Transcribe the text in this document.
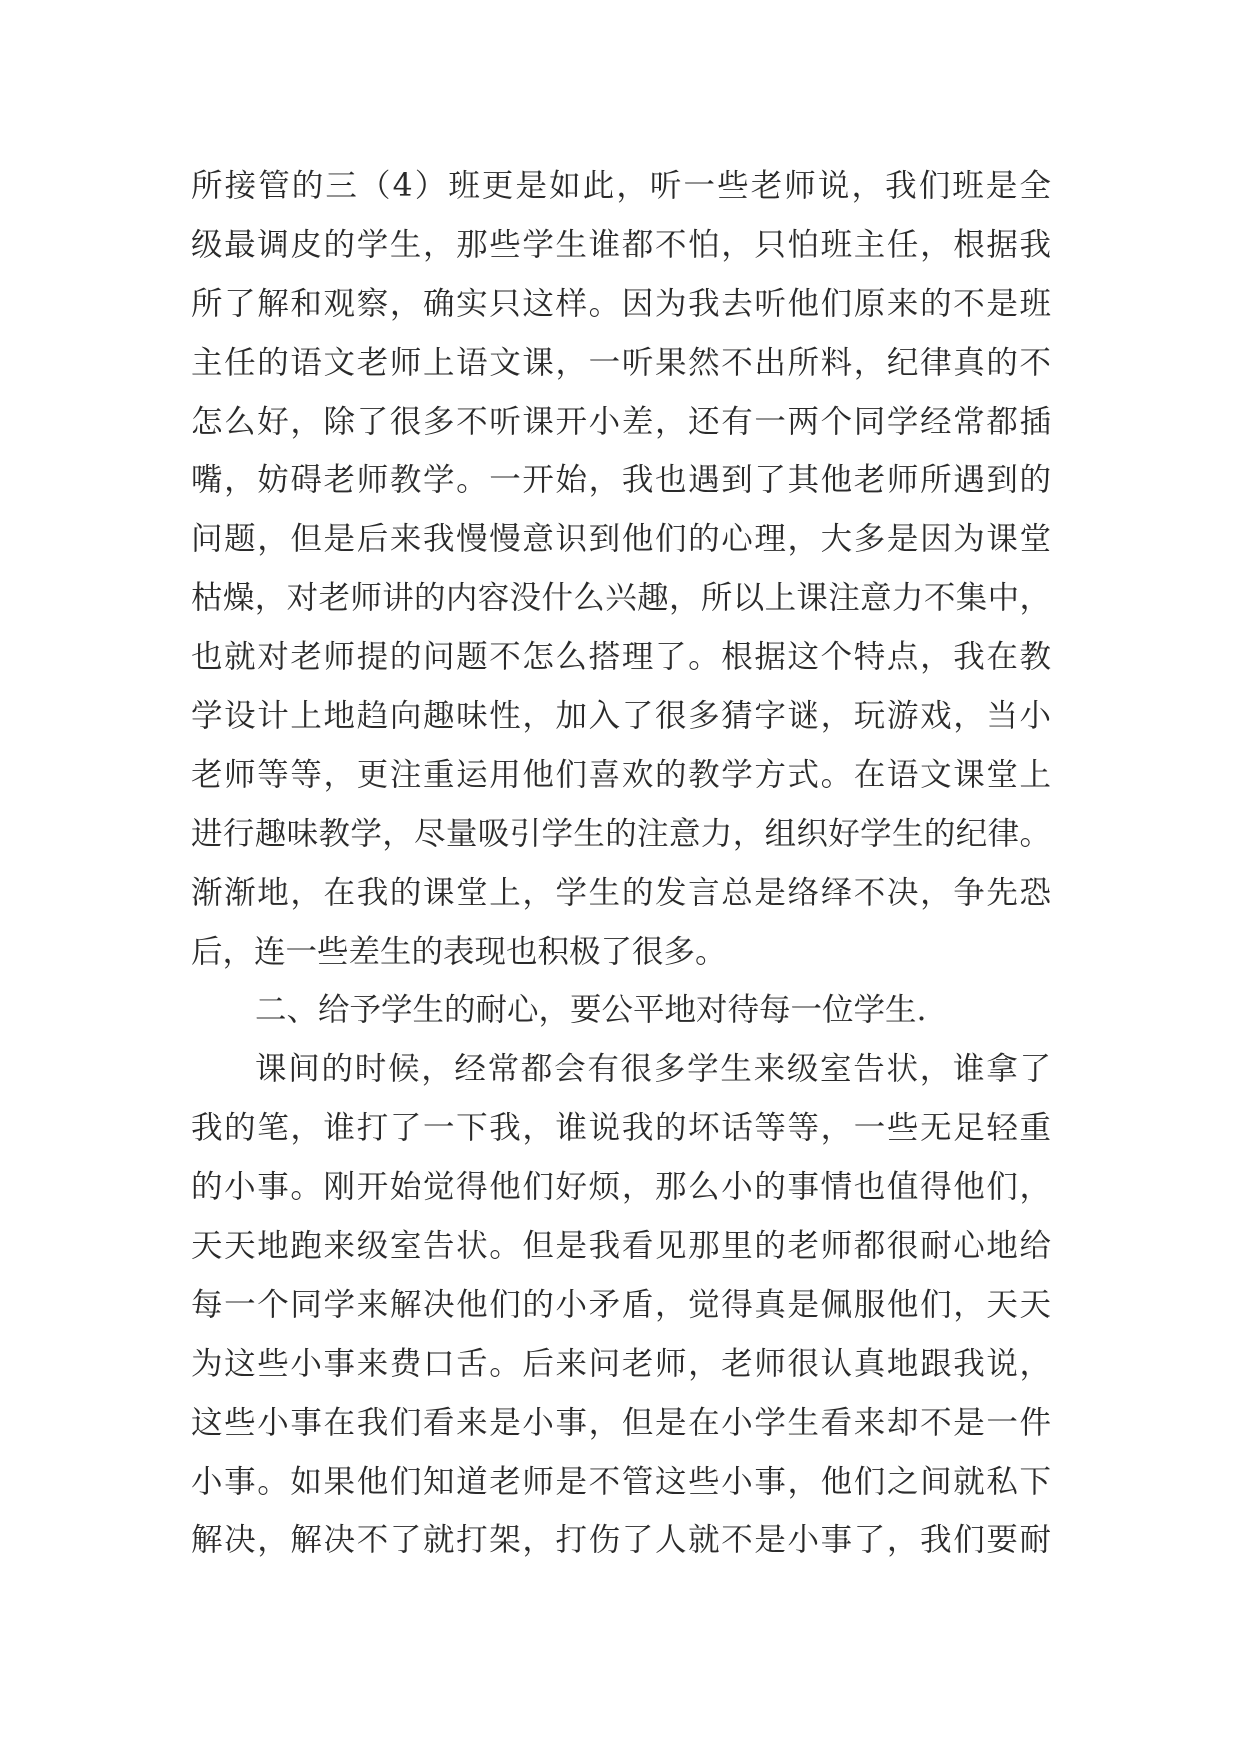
所接管的三（4）班更是如此，听一些老师说，我们班是全
级最调皮的学生，那些学生谁都不怕，只怕班主任，根据我
所了解和观察，确实只这样。因为我去听他们原来的不是班
主任的语文老师上语文课，一听果然不出所料，纪律真的不
怎么好，除了很多不听课开小差，还有一两个同学经常都插
嘴，妨碍老师教学。一开始，我也遇到了其他老师所遇到的
问题，但是后来我慢慢意识到他们的心理，大多是因为课堂
枯燥，对老师讲的内容没什么兴趣，所以上课注意力不集中，
也就对老师提的问题不怎么搭理了。根据这个特点，我在教
学设计上地趋向趣味性，加入了很多猜字谜，玩游戏，当小
老师等等，更注重运用他们喜欢的教学方式。在语文课堂上
进行趣味教学，尽量吸引学生的注意力，组织好学生的纪律。
渐渐地，在我的课堂上，学生的发言总是络绎不决，争先恐
后，连一些差生的表现也积极了很多。
二、给予学生的耐心，要公平地对待每一位学生.
课间的时候，经常都会有很多学生来级室告状，谁拿了
我的笔，谁打了一下我，谁说我的坏话等等，一些无足轻重
的小事。刚开始觉得他们好烦，那么小的事情也值得他们，
天天地跑来级室告状。但是我看见那里的老师都很耐心地给
每一个同学来解决他们的小矛盾，觉得真是佩服他们，天天
为这些小事来费口舌。后来问老师，老师很认真地跟我说，
这些小事在我们看来是小事，但是在小学生看来却不是一件
小事。如果他们知道老师是不管这些小事，他们之间就私下
解决，解决不了就打架，打伤了人就不是小事了，我们要耐
